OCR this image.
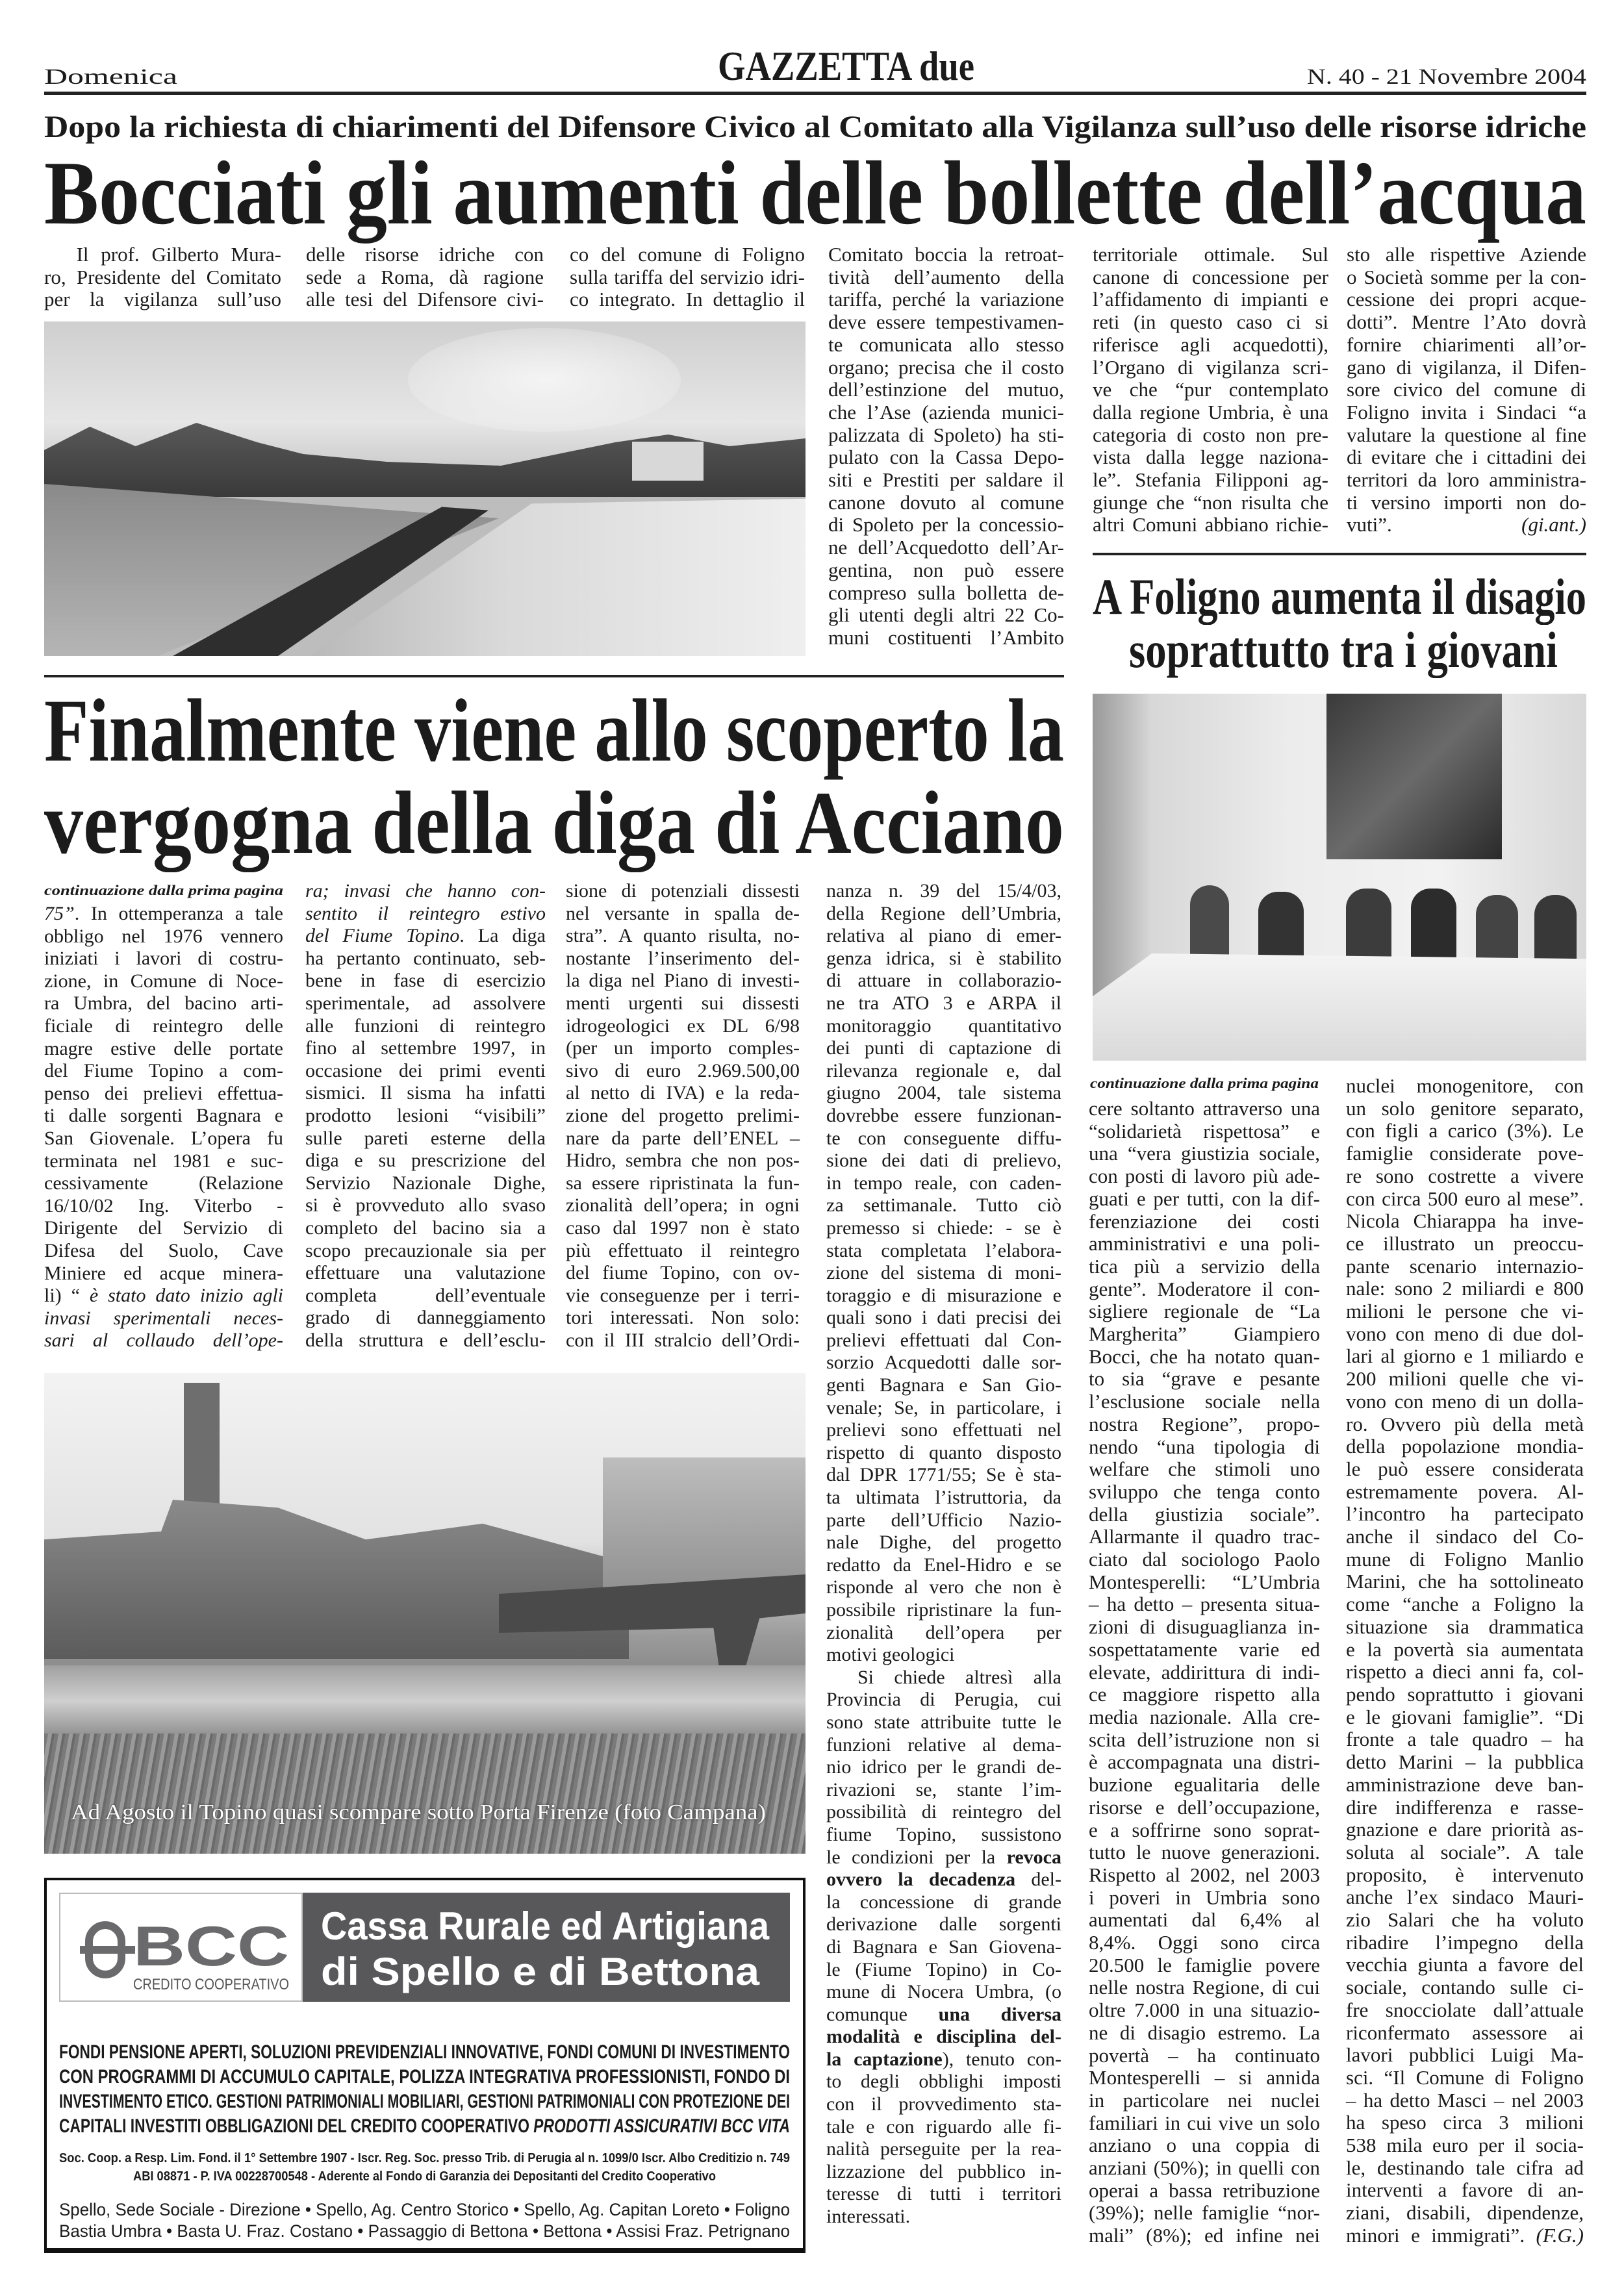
Domenica	GAZZETTA due	N. 40 - 21 Novembre 2004
Dopo la richiesta di chiarimenti del Difensore Civico al Comitato alla Vigilanza sull’uso delle risorse idriche
Bocciati gli aumenti delle bollette dell’acqua
Il prof. Gilberto Mura-
ro, Presidente del Comitato
per la vigilanza sull’uso
delle risorse idriche con
sede a Roma, dà ragione
alle tesi del Difensore civi-
co del comune di Foligno
sulla tariffa del servizio idri-
co integrato. In dettaglio il
Comitato boccia la retroat-
tività dell’aumento della
tariffa, perché la variazione
deve essere tempestivamen-
te comunicata allo stesso
organo; precisa che il costo
dell’estinzione del mutuo,
che l’Ase (azienda munici-
palizzata di Spoleto) ha sti-
pulato con la Cassa Depo-
siti e Prestiti per saldare il
canone dovuto al comune
di Spoleto per la concessio-
ne dell’Acquedotto dell’Ar-
gentina, non può essere
compreso sulla bolletta de-
gli utenti degli altri 22 Co-
muni costituenti l’Ambito
territoriale ottimale. Sul
canone di concessione per
l’affidamento di impianti e
reti (in questo caso ci si
riferisce agli acquedotti),
l’Organo di vigilanza scri-
ve che “pur contemplato
dalla regione Umbria, è una
categoria di costo non pre-
vista dalla legge naziona-
le”. Stefania Filipponi ag-
giunge che “non risulta che
altri Comuni abbiano richie-
sto alle rispettive Aziende
o Società somme per la con-
cessione dei propri acque-
dotti”. Mentre l’Ato dovrà
fornire chiarimenti all’or-
gano di vigilanza, il Difen-
sore civico del comune di
Foligno invita i Sindaci “a
valutare la questione al fine
di evitare che i cittadini dei
territori da loro amministra-
ti versino importi non do-
vuti”. (gi.ant.)
A Foligno aumenta il disagio
soprattutto tra i giovani
Finalmente viene allo scoperto la
vergogna della diga di Acciano
continuazione dalla prima pagina
75”. In ottemperanza a tale
obbligo nel 1976 vennero
iniziati i lavori di costru-
zione, in Comune di Noce-
ra Umbra, del bacino arti-
ficiale di reintegro delle
magre estive delle portate
del Fiume Topino a com-
penso dei prelievi effettua-
ti dalle sorgenti Bagnara e
San Giovenale. L’opera fu
terminata nel 1981 e suc-
cessivamente (Relazione
16/10/02 Ing. Viterbo -
Dirigente del Servizio di
Difesa del Suolo, Cave
Miniere ed acque minera-
li) “ è stato dato inizio agli
invasi sperimentali neces-
sari al collaudo dell’ope-
ra; invasi che hanno con-
sentito il reintegro estivo
del Fiume Topino. La diga
ha pertanto continuato, seb-
bene in fase di esercizio
sperimentale, ad assolvere
alle funzioni di reintegro
fino al settembre 1997, in
occasione dei primi eventi
sismici. Il sisma ha infatti
prodotto lesioni “visibili”
sulle pareti esterne della
diga e su prescrizione del
Servizio Nazionale Dighe,
si è provveduto allo svaso
completo del bacino sia a
scopo precauzionale sia per
effettuare una valutazione
completa dell’eventuale
grado di danneggiamento
della struttura e dell’esclu-
sione di potenziali dissesti
nel versante in spalla de-
stra”. A quanto risulta, no-
nostante l’inserimento del-
la diga nel Piano di investi-
menti urgenti sui dissesti
idrogeologici ex DL 6/98
(per un importo comples-
sivo di euro 2.969.500,00
al netto di IVA) e la reda-
zione del progetto prelimi-
nare da parte dell’ENEL –
Hidro, sembra che non pos-
sa essere ripristinata la fun-
zionalità dell’opera; in ogni
caso dal 1997 non è stato
più effettuato il reintegro
del fiume Topino, con ov-
vie conseguenze per i terri-
tori interessati. Non solo:
con il III stralcio dell’Ordi-
nanza n. 39 del 15/4/03,
della Regione dell’Umbria,
relativa al piano di emer-
genza idrica, si è stabilito
di attuare in collaborazio-
ne tra ATO 3 e ARPA il
monitoraggio quantitativo
dei punti di captazione di
rilevanza regionale e, dal
giugno 2004, tale sistema
dovrebbe essere funzionan-
te con conseguente diffu-
sione dei dati di prelievo,
in tempo reale, con caden-
za settimanale. Tutto ciò
premesso si chiede: - se è
stata completata l’elabora-
zione del sistema di moni-
toraggio e di misurazione e
quali sono i dati precisi dei
prelievi effettuati dal Con-
sorzio Acquedotti dalle sor-
genti Bagnara e San Gio-
venale; Se, in particolare, i
prelievi sono effettuati nel
rispetto di quanto disposto
dal DPR 1771/55; Se è sta-
ta ultimata l’istruttoria, da
parte dell’Ufficio Nazio-
nale Dighe, del progetto
redatto da Enel-Hidro e se
risponde al vero che non è
possibile ripristinare la fun-
zionalità dell’opera per
motivi geologici
Si chiede altresì alla
Provincia di Perugia, cui
sono state attribuite tutte le
funzioni relative al dema-
nio idrico per le grandi de-
rivazioni se, stante l’im-
possibilità di reintegro del
fiume Topino, sussistono
le condizioni per la revoca
ovvero la decadenza del-
la concessione di grande
derivazione dalle sorgenti
di Bagnara e San Giovena-
le (Fiume Topino) in Co-
mune di Nocera Umbra, (o
comunque una diversa
modalità e disciplina del-
la captazione), tenuto con-
to degli obblighi imposti
con il provvedimento sta-
tale e con riguardo alle fi-
nalità perseguite per la rea-
lizzazione del pubblico in-
teresse di tutti i territori
interessati.
Ad Agosto il Topino quasi scompare sotto Porta Firenze (foto Campana)
BCC
CREDITO COOPERATIVO
Cassa Rurale ed Artigiana
di Spello e di Bettona
FONDI PENSIONE APERTI, SOLUZIONI PREVIDENZIALI INNOVATIVE, FONDI COMUNI DI INVESTIMENTO
CON PROGRAMMI DI ACCUMULO CAPITALE, POLIZZA INTEGRATIVA PROFESSIONISTI, FONDO DI
INVESTIMENTO ETICO. GESTIONI PATRIMONIALI MOBILIARI, GESTIONI PATRIMONIALI CON PROTEZIONE DEI
CAPITALI INVESTITI OBBLIGAZIONI DEL CREDITO COOPERATIVO PRODOTTI ASSICURATIVI BCC VITA
Soc. Coop. a Resp. Lim. Fond. il 1° Settembre 1907 - Iscr. Reg. Soc. presso Trib. di Perugia al n. 1099/0 Iscr. Albo Creditizio n. 749
ABI 08871 - P. IVA 00228700548 - Aderente al Fondo di Garanzia dei Depositanti del Credito Cooperativo
Spello, Sede Sociale - Direzione • Spello, Ag. Centro Storico • Spello, Ag. Capitan Loreto • Foligno
Bastia Umbra • Basta U. Fraz. Costano • Passaggio di Bettona • Bettona • Assisi Fraz. Petrignano
continuazione dalla prima pagina
cere soltanto attraverso una
“solidarietà rispettosa” e
una “vera giustizia sociale,
con posti di lavoro più ade-
guati e per tutti, con la dif-
ferenziazione dei costi
amministrativi e una poli-
tica più a servizio della
gente”. Moderatore il con-
sigliere regionale de “La
Margherita” Giampiero
Bocci, che ha notato quan-
to sia “grave e pesante
l’esclusione sociale nella
nostra Regione”, propo-
nendo “una tipologia di
welfare che stimoli uno
sviluppo che tenga conto
della giustizia sociale”.
Allarmante il quadro trac-
ciato dal sociologo Paolo
Montesperelli: “L’Umbria
– ha detto – presenta situa-
zioni di disuguaglianza in-
sospettatamente varie ed
elevate, addirittura di indi-
ce maggiore rispetto alla
media nazionale. Alla cre-
scita dell’istruzione non si
è accompagnata una distri-
buzione egualitaria delle
risorse e dell’occupazione,
e a soffrirne sono soprat-
tutto le nuove generazioni.
Rispetto al 2002, nel 2003
i poveri in Umbria sono
aumentati dal 6,4% al
8,4%. Oggi sono circa
20.500 le famiglie povere
nelle nostra Regione, di cui
oltre 7.000 in una situazio-
ne di disagio estremo. La
povertà – ha continuato
Montesperelli – si annida
in particolare nei nuclei
familiari in cui vive un solo
anziano o una coppia di
anziani (50%); in quelli con
operai a bassa retribuzione
(39%); nelle famiglie “nor-
mali” (8%); ed infine nei
nuclei monogenitore, con
un solo genitore separato,
con figli a carico (3%). Le
famiglie considerate pove-
re sono costrette a vivere
con circa 500 euro al mese”.
Nicola Chiarappa ha inve-
ce illustrato un preoccu-
pante scenario internazio-
nale: sono 2 miliardi e 800
milioni le persone che vi-
vono con meno di due dol-
lari al giorno e 1 miliardo e
200 milioni quelle che vi-
vono con meno di un dolla-
ro. Ovvero più della metà
della popolazione mondia-
le può essere considerata
estremamente povera. Al-
l’incontro ha partecipato
anche il sindaco del Co-
mune di Foligno Manlio
Marini, che ha sottolineato
come “anche a Foligno la
situazione sia drammatica
e la povertà sia aumentata
rispetto a dieci anni fa, col-
pendo soprattutto i giovani
e le giovani famiglie”. “Di
fronte a tale quadro – ha
detto Marini – la pubblica
amministrazione deve ban-
dire indifferenza e rasse-
gnazione e dare priorità as-
soluta al sociale”. A tale
proposito, è intervenuto
anche l’ex sindaco Mauri-
zio Salari che ha voluto
ribadire l’impegno della
vecchia giunta a favore del
sociale, contando sulle ci-
fre snocciolate dall’attuale
riconfermato assessore ai
lavori pubblici Luigi Ma-
sci. “Il Comune di Foligno
– ha detto Masci – nel 2003
ha speso circa 3 milioni
538 mila euro per il socia-
le, destinando tale cifra ad
interventi a favore di an-
ziani, disabili, dipendenze,
minori e immigrati”. (F.G.)
